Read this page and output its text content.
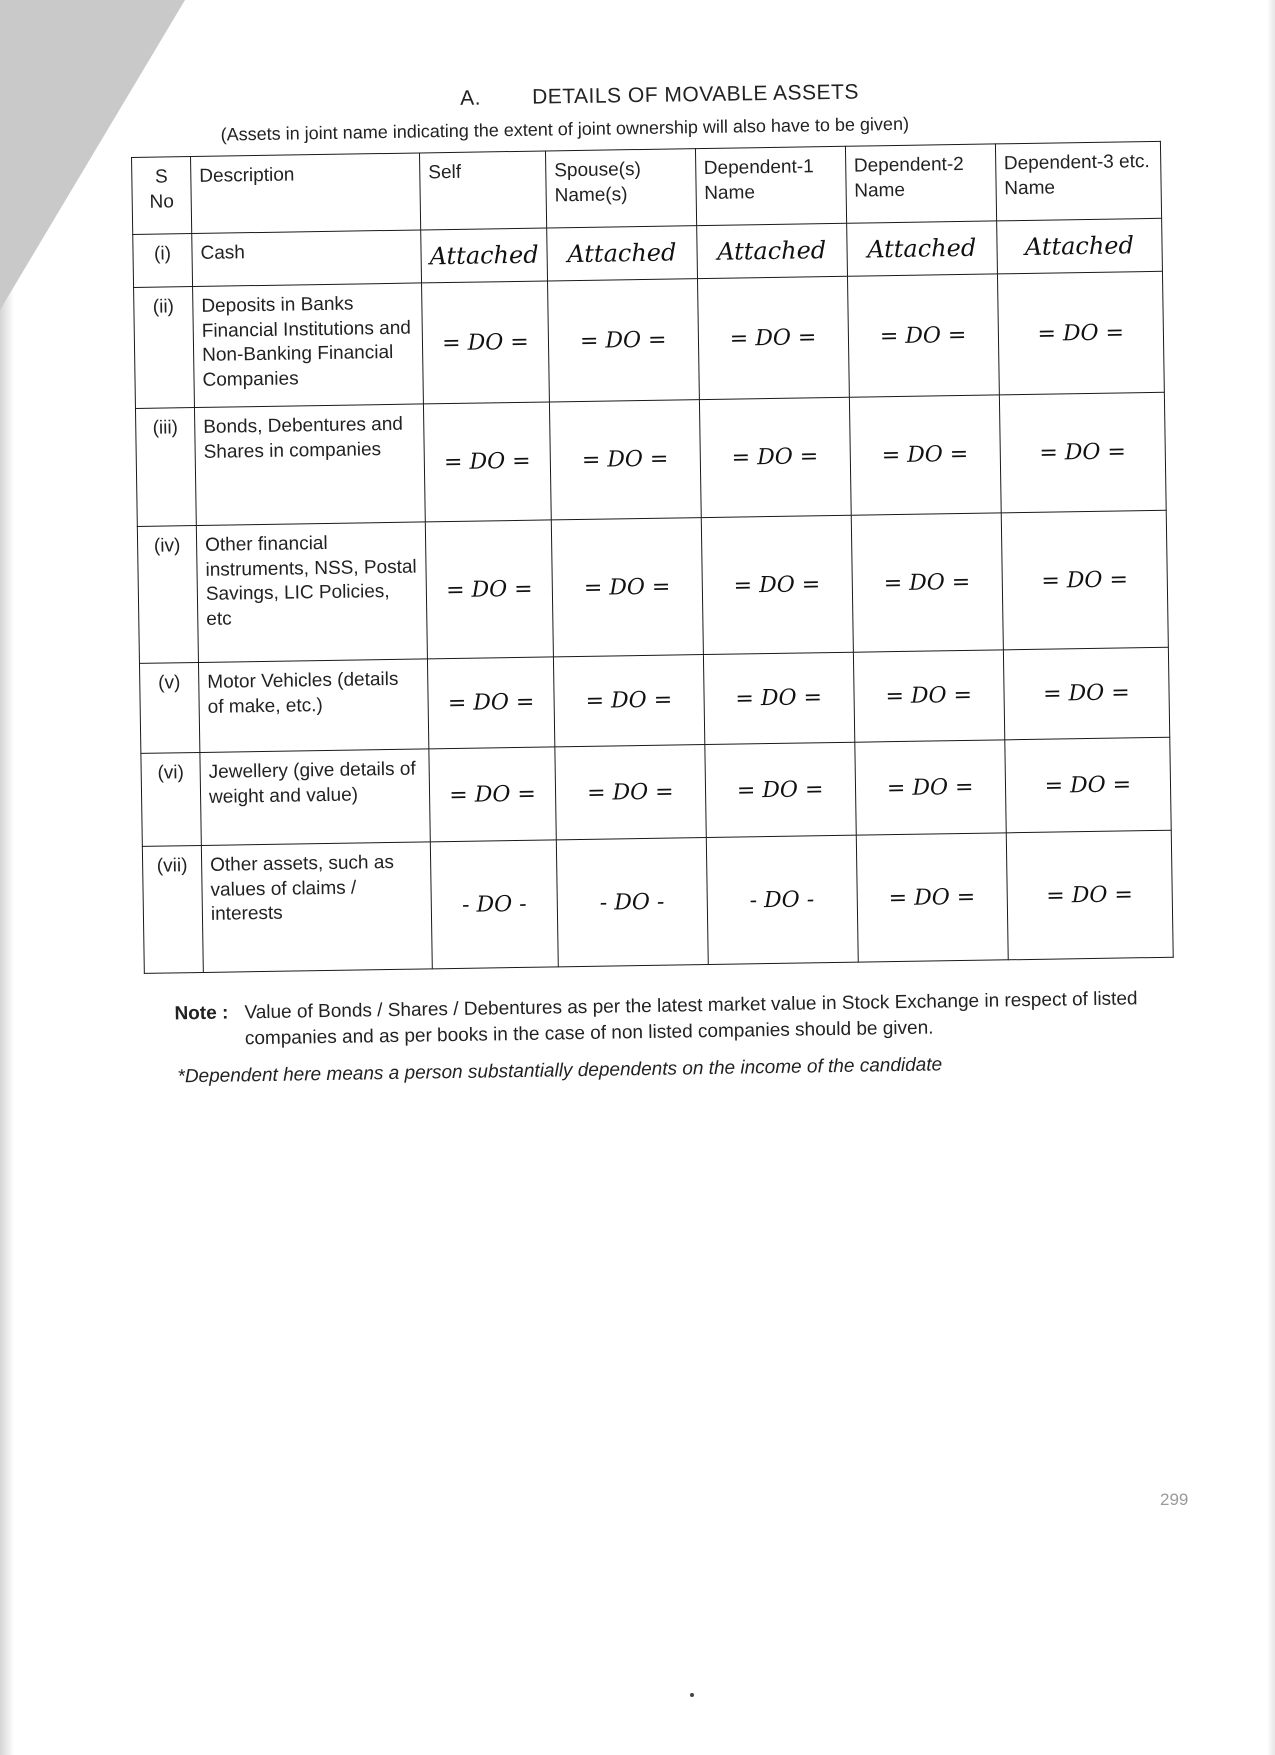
A. DETAILS OF MOVABLE ASSETS
(Assets in joint name indicating the extent of joint ownership will also have to be given)
S No	Description	Self	Spouse(s) Name(s)	Dependent-1 Name	Dependent-2 Name	Dependent-3 etc. Name
(i)	Cash	Attached	Attached	Attached	Attached	Attached
(ii)	Deposits in Banks Financial Institutions and Non-Banking Financial Companies	= DO =	= DO =	= DO =	= DO =	= DO =
(iii)	Bonds, Debentures and Shares in companies	= DO =	= DO =	= DO =	= DO =	= DO =
(iv)	Other financial instruments, NSS, Postal Savings, LIC Policies, etc	= DO =	= DO =	= DO =	= DO =	= DO =
(v)	Motor Vehicles (details of make, etc.)	= DO =	= DO =	= DO =	= DO =	= DO =
(vi)	Jewellery (give details of weight and value)	= DO =	= DO =	= DO =	= DO =	= DO =
(vii)	Other assets, such as values of claims / interests	- DO -	- DO -	- DO -	= DO =	= DO =
Note : Value of Bonds / Shares / Debentures as per the latest market value in Stock Exchange in respect of listed companies and as per books in the case of non listed companies should be given.
*Dependent here means a person substantially dependents on the income of the candidate
299
